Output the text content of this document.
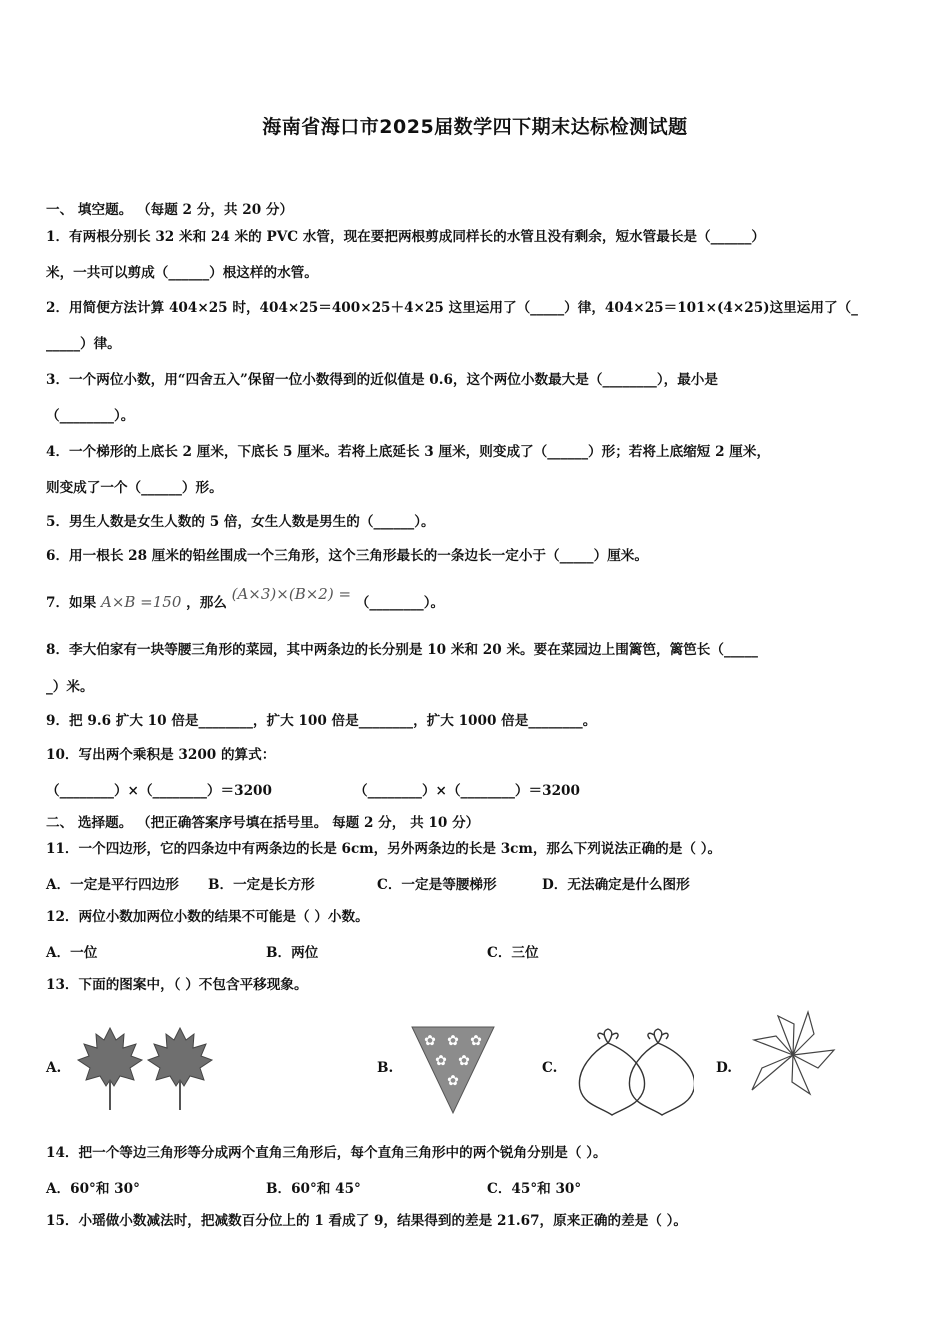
海南省海口市2025届数学四下期末达标检测试题
一、 填空题。 （每题 2 分，共 20 分）
1．有两根分别长 32 米和 24 米的 PVC 水管，现在要把两根剪成同样长的水管且没有剩余，短水管最长是（______）
米，一共可以剪成（______）根这样的水管。
2．用简便方法计算 404×25 时，404×25＝400×25＋4×25 这里运用了（_____）律，404×25＝101×(4×25)这里运用了（_
_____）律。
3．一个两位小数，用“四舍五入”保留一位小数得到的近似值是 0.6，这个两位小数最大是（________），最小是
（________）。
4．一个梯形的上底长 2 厘米，下底长 5 厘米。若将上底延长 3 厘米，则变成了（______）形；若将上底缩短 2 厘米，
则变成了一个（______）形。
5．男生人数是女生人数的 5 倍，女生人数是男生的（______）。
6．用一根长 28 厘米的铅丝围成一个三角形，这个三角形最长的一条边长一定小于（_____）厘米。
7．如果 A×B =150 ，那么 (A×3)×(B×2) = （________）。
8．李大伯家有一块等腰三角形的菜园，其中两条边的长分别是 10 米和 20 米。要在菜园边上围篱笆，篱笆长（_____
_）米。
9．把 9.6 扩大 10 倍是________，扩大 100 倍是________，扩大 1000 倍是________。
10．写出两个乘积是 3200 的算式：
（________）×（________）＝3200	（________）×（________）＝3200
二、 选择题。 （把正确答案序号填在括号里。 每题 2 分， 共 10 分）
11．一个四边形，它的四条边中有两条边的长是 6cm，另外两条边的长是 3cm，那么下列说法正确的是（ ）。
A．一定是平行四边形 B．一定是长方形	C．一定是等腰梯形	D．无法确定是什么图形
12．两位小数加两位小数的结果不可能是（ ）小数。
A．一位	B．两位	C．三位
13．下面的图案中，（ ）不包含平移现象。
A.	B.
✿ ✿ ✿
✿ ✿
✿
C.	D.
14．把一个等边三角形等分成两个直角三角形后，每个直角三角形中的两个锐角分别是（ ）。
A．60°和 30°	B．60°和 45°	C．45°和 30°
15．小瑶做小数减法时，把减数百分位上的 1 看成了 9，结果得到的差是 21.67，原来正确的差是（ ）。
